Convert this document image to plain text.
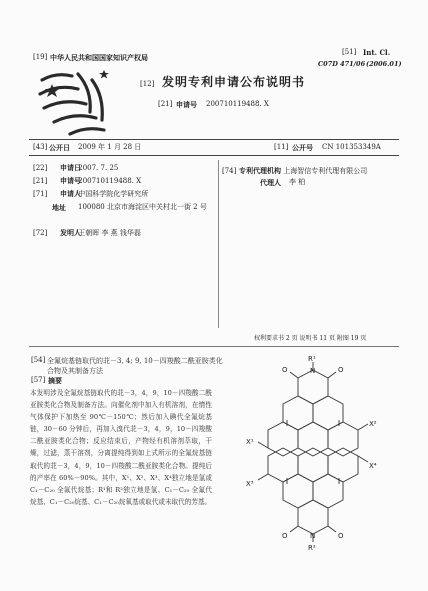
[19] 中华人民共和国国家知识产权局
[51] Int. Cl.
C07D 471/06 (2006.01)
[12] 发明专利申请公布说明书
[21] 申请号 200710119488. X
[43] 公开日 2009 年 1 月 28 日	[11] 公开号 CN 101353349A
[22] 申请日 2007. 7. 25
[21] 申请号 200710119488. X
[71] 申请人 中国科学院化学研究所
地址 100080 北京市海淀区中关村北一街 2 号
[72] 发明人 王朝晖 李 燕 钱华磊
[74] 专利代理机构 上海智信专利代理有限公司
代理人 李 柏
权利要求书 2 页 说明书 11 页 附图 19 页
[54] 全氟烷基链取代的苝－3, 4; 9, 10－四羧酸二酰亚胺类化合物及其制备方法
[57] 摘要
本发明涉及全氟烷基链取代的苝－3，4，9，10－四羧酸二酰亚胺类化合物及制备方法。向催化剂中加入有机溶剂，在惰性气体保护下加热至 90℃－150℃；然后加入碘代全氟烷基链，30－60 分钟后，再加入溴代苝－3，4，9，10－四羧酸二酰亚胺类化合物；反应结束后，产物经有机溶剂萃取，干燥，过滤，蒸干溶剂，分离提纯得到如上式所示的全氟烷基链取代的苝－3，4，9，10－四羧酸二酰亚胺类化合物。提纯后的产率在 60%－90%。其中，X¹、X²、X³、X⁴独立地是氢或 C₁－C₂₀ 全氟代烷基；R¹和 R²独立地是氢、C₁－C₂₀ 全氟代烷基、C₁－C₂₀烷基、C₁－C₂₀烷氧基或取代或未取代的芳基。
R¹
N
O	O
X¹
X²
X³
X⁴
N
O	O
R²
